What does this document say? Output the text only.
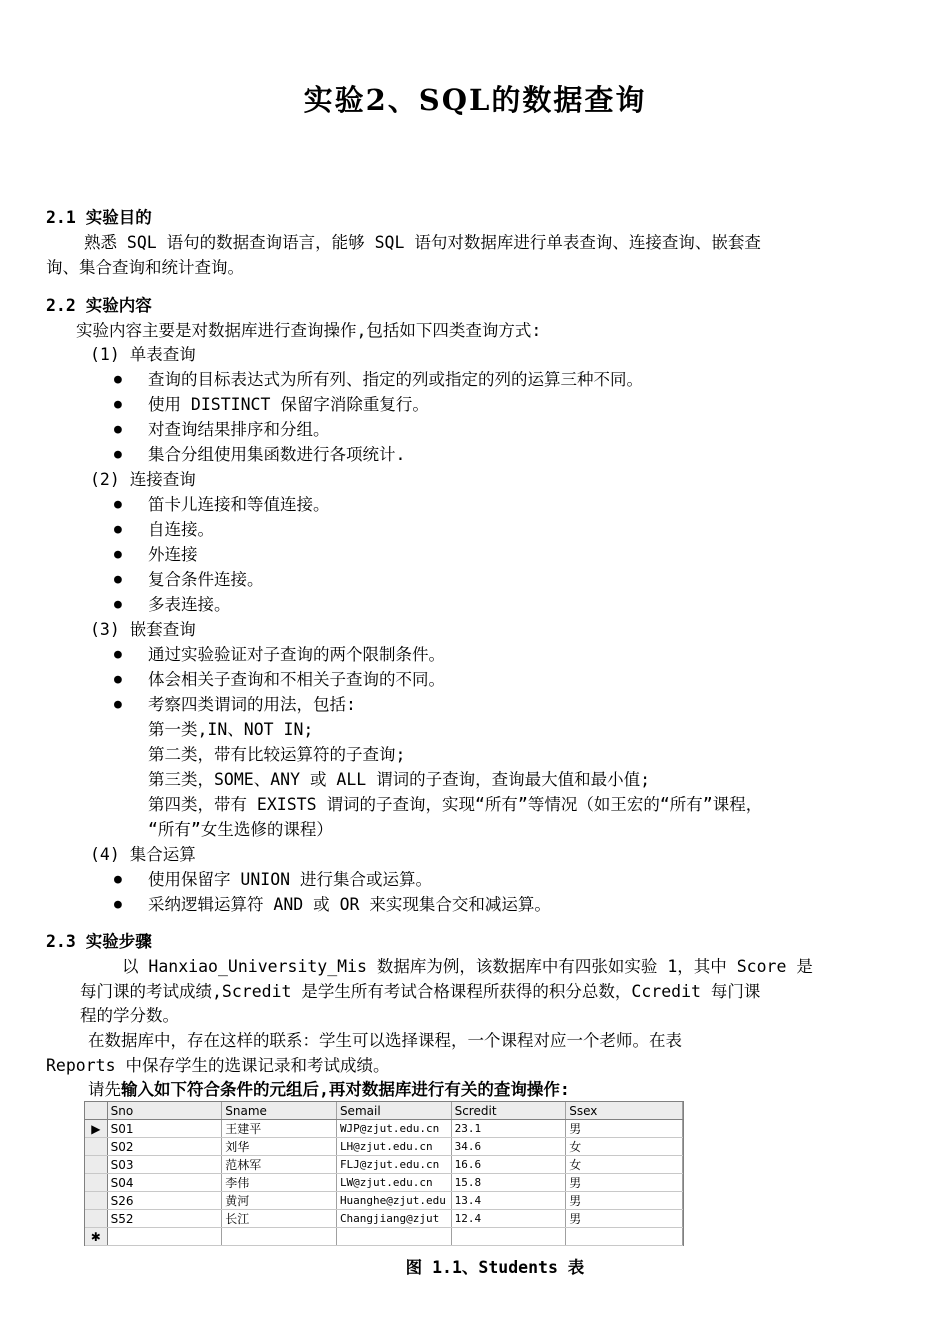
实验2、SQL的数据查询
2.1 实验目的
熟悉 SQL 语句的数据查询语言，能够 SQL 语句对数据库进行单表查询、连接查询、嵌套查
询、集合查询和统计查询。
2.2 实验内容
实验内容主要是对数据库进行查询操作,包括如下四类查询方式:
(1) 单表查询
● 查询的目标表达式为所有列、指定的列或指定的列的运算三种不同。
● 使用 DISTINCT 保留字消除重复行。
● 对查询结果排序和分组。
● 集合分组使用集函数进行各项统计.
(2) 连接查询
● 笛卡儿连接和等值连接。
● 自连接。
● 外连接
● 复合条件连接。
● 多表连接。
(3) 嵌套查询
● 通过实验验证对子查询的两个限制条件。
● 体会相关子查询和不相关子查询的不同。
● 考察四类谓词的用法，包括:
第一类,IN、NOT IN;
第二类，带有比较运算符的子查询;
第三类，SOME、ANY 或 ALL 谓词的子查询，查询最大值和最小值;
第四类，带有 EXISTS 谓词的子查询，实现“所有”等情况（如王宏的“所有”课程，
“所有”女生选修的课程）
(4) 集合运算
● 使用保留字 UNION 进行集合或运算。
● 采纳逻辑运算符 AND 或 OR 来实现集合交和减运算。
2.3 实验步骤
以 Hanxiao_University_Mis 数据库为例，该数据库中有四张如实验 1，其中 Score 是
每门课的考试成绩,Scredit 是学生所有考试合格课程所获得的积分总数，Ccredit 每门课
程的学分数。
在数据库中，存在这样的联系：学生可以选择课程，一个课程对应一个老师。在表
Reports 中保存学生的选课记录和考试成绩。
请先输入如下符合条件的元组后,再对数据库进行有关的查询操作:
	Sno	Sname	Semail	Scredit	Ssex
▶	S01	王建平	WJP@zjut.edu.cn	23.1	男
	S02	刘华	LH@zjut.edu.cn	34.6	女
	S03	范林军	FLJ@zjut.edu.cn	16.6	女
	S04	李伟	LW@zjut.edu.cn	15.8	男
	S26	黄河	Huanghe@zjut.edu	13.4	男
	S52	长江	Changjiang@zjut	12.4	男
✱					
图 1.1、Students 表
